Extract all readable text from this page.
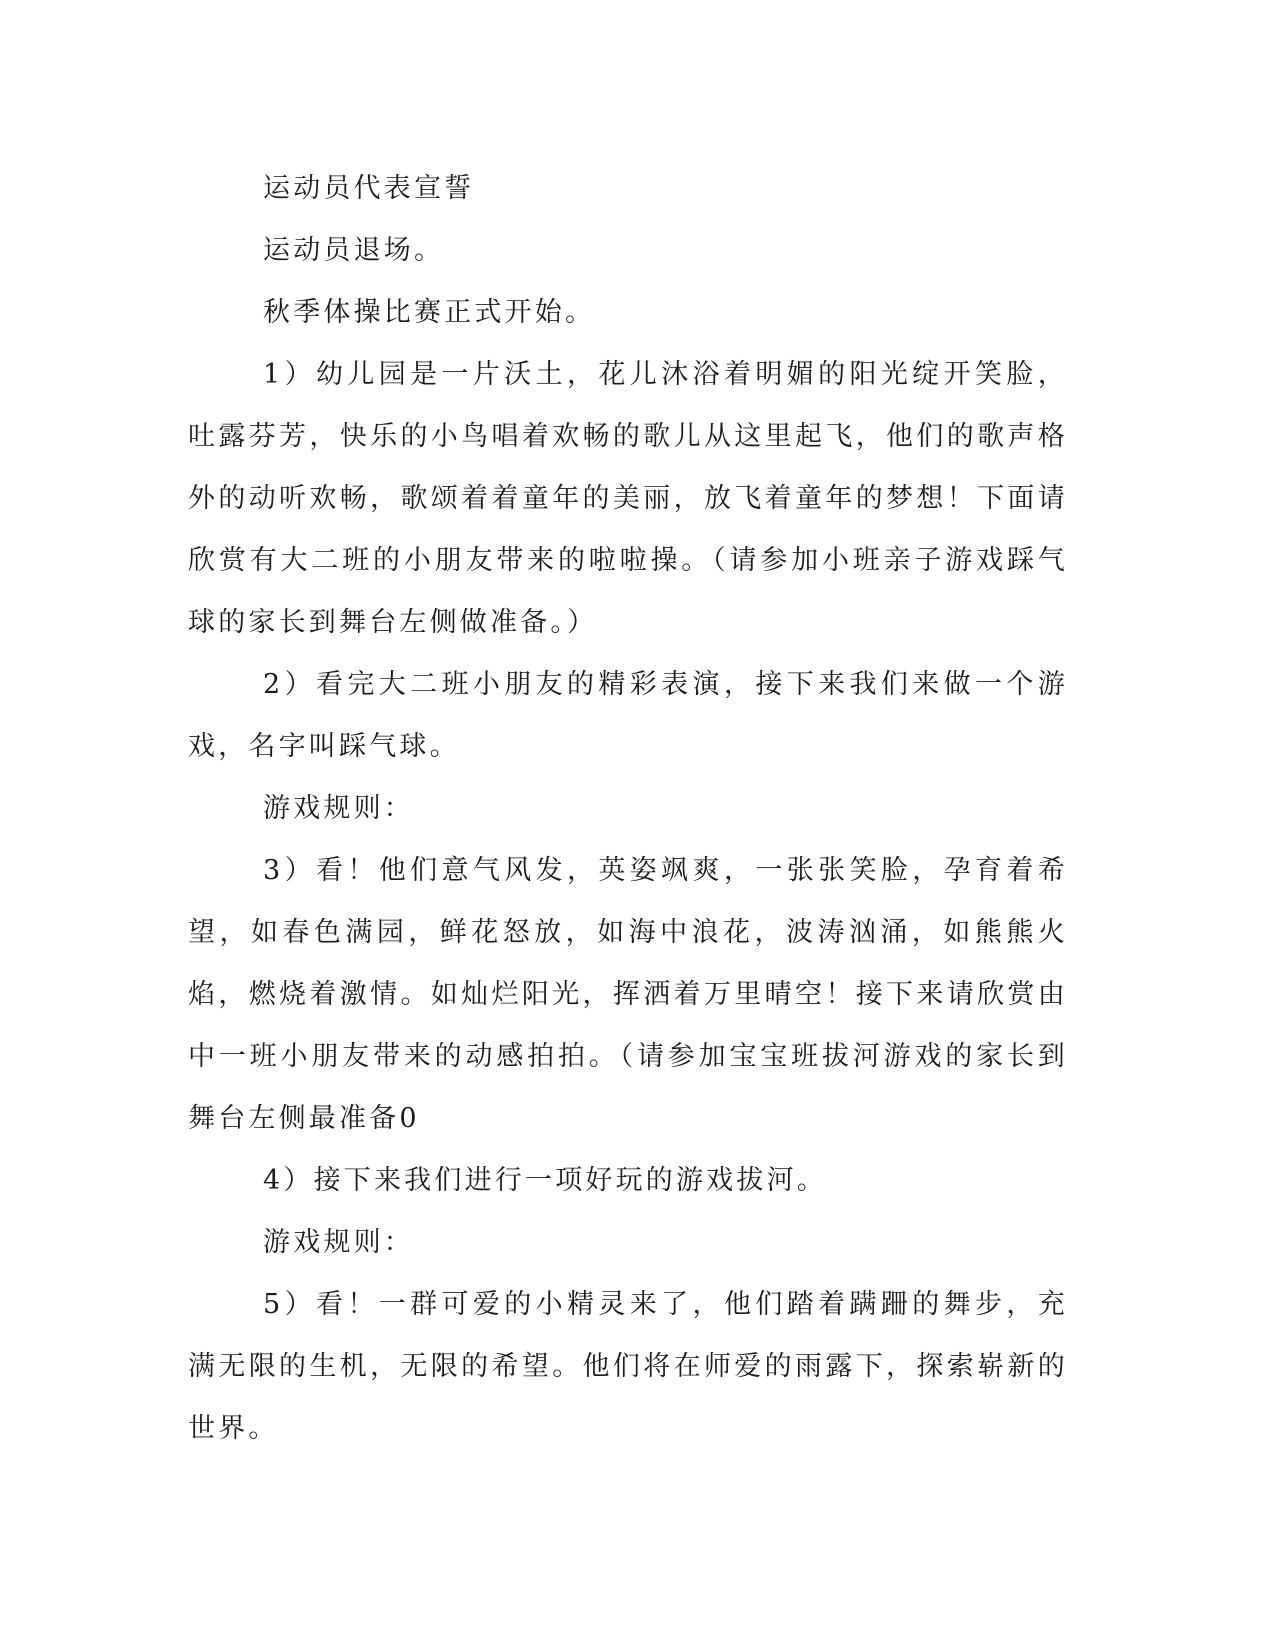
运动员代表宣誓

运动员退场。

秋季体操比赛正式开始。

1）幼儿园是一片沃土，花儿沐浴着明媚的阳光绽开笑脸，吐露芬芳，快乐的小鸟唱着欢畅的歌儿从这里起飞，他们的歌声格外的动听欢畅，歌颂着着童年的美丽，放飞着童年的梦想！下面请欣赏有大二班的小朋友带来的啦啦操。（请参加小班亲子游戏踩气球的家长到舞台左侧做准备。）

2）看完大二班小朋友的精彩表演，接下来我们来做一个游戏，名字叫踩气球。

游戏规则：

3）看！他们意气风发，英姿飒爽，一张张笑脸，孕育着希望，如春色满园，鲜花怒放，如海中浪花，波涛汹涌，如熊熊火焰，燃烧着激情。如灿烂阳光，挥洒着万里晴空！接下来请欣赏由中一班小朋友带来的动感拍拍。（请参加宝宝班拔河游戏的家长到舞台左侧最准备0

4）接下来我们进行一项好玩的游戏拔河。

游戏规则：

5）看！一群可爱的小精灵来了，他们踏着蹒跚的舞步，充满无限的生机，无限的希望。他们将在师爱的雨露下，探索崭新的世界。
